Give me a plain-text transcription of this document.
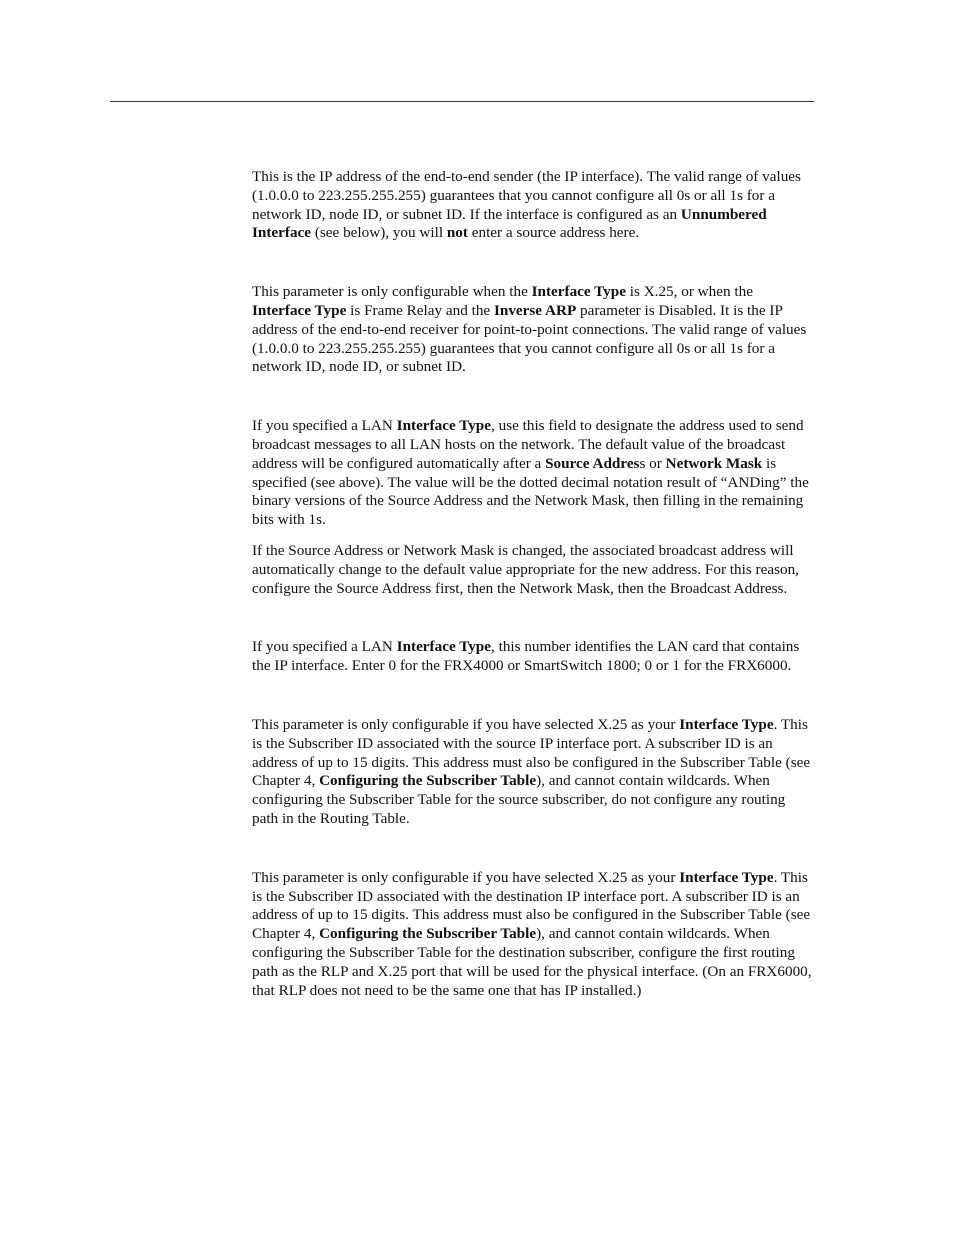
This is the IP address of the end-to-end sender (the IP interface). The valid range of values (1.0.0.0 to 223.255.255.255) guarantees that you cannot configure all 0s or all 1s for a network ID, node ID, or subnet ID. If the interface is configured as an Unnumbered Interface (see below), you will not enter a source address here.

This parameter is only configurable when the Interface Type is X.25, or when the Interface Type is Frame Relay and the Inverse ARP parameter is Disabled. It is the IP address of the end-to-end receiver for point-to-point connections. The valid range of values (1.0.0.0 to 223.255.255.255) guarantees that you cannot configure all 0s or all 1s for a network ID, node ID, or subnet ID.

If you specified a LAN Interface Type, use this field to designate the address used to send broadcast messages to all LAN hosts on the network. The default value of the broadcast address will be configured automatically after a Source Address or Network Mask is specified (see above). The value will be the dotted decimal notation result of “ANDing” the binary versions of the Source Address and the Network Mask, then filling in the remaining bits with 1s.

If the Source Address or Network Mask is changed, the associated broadcast address will automatically change to the default value appropriate for the new address. For this reason, configure the Source Address first, then the Network Mask, then the Broadcast Address.

If you specified a LAN Interface Type, this number identifies the LAN card that contains the IP interface. Enter 0 for the FRX4000 or SmartSwitch 1800; 0 or 1 for the FRX6000.

This parameter is only configurable if you have selected X.25 as your Interface Type. This is the Subscriber ID associated with the source IP interface port. A subscriber ID is an address of up to 15 digits. This address must also be configured in the Subscriber Table (see Chapter 4, Configuring the Subscriber Table), and cannot contain wildcards. When configuring the Subscriber Table for the source subscriber, do not configure any routing path in the Routing Table.

This parameter is only configurable if you have selected X.25 as your Interface Type. This is the Subscriber ID associated with the destination IP interface port. A subscriber ID is an address of up to 15 digits. This address must also be configured in the Subscriber Table (see Chapter 4, Configuring the Subscriber Table), and cannot contain wildcards. When configuring the Subscriber Table for the destination subscriber, configure the first routing path as the RLP and X.25 port that will be used for the physical interface. (On an FRX6000, that RLP does not need to be the same one that has IP installed.)
